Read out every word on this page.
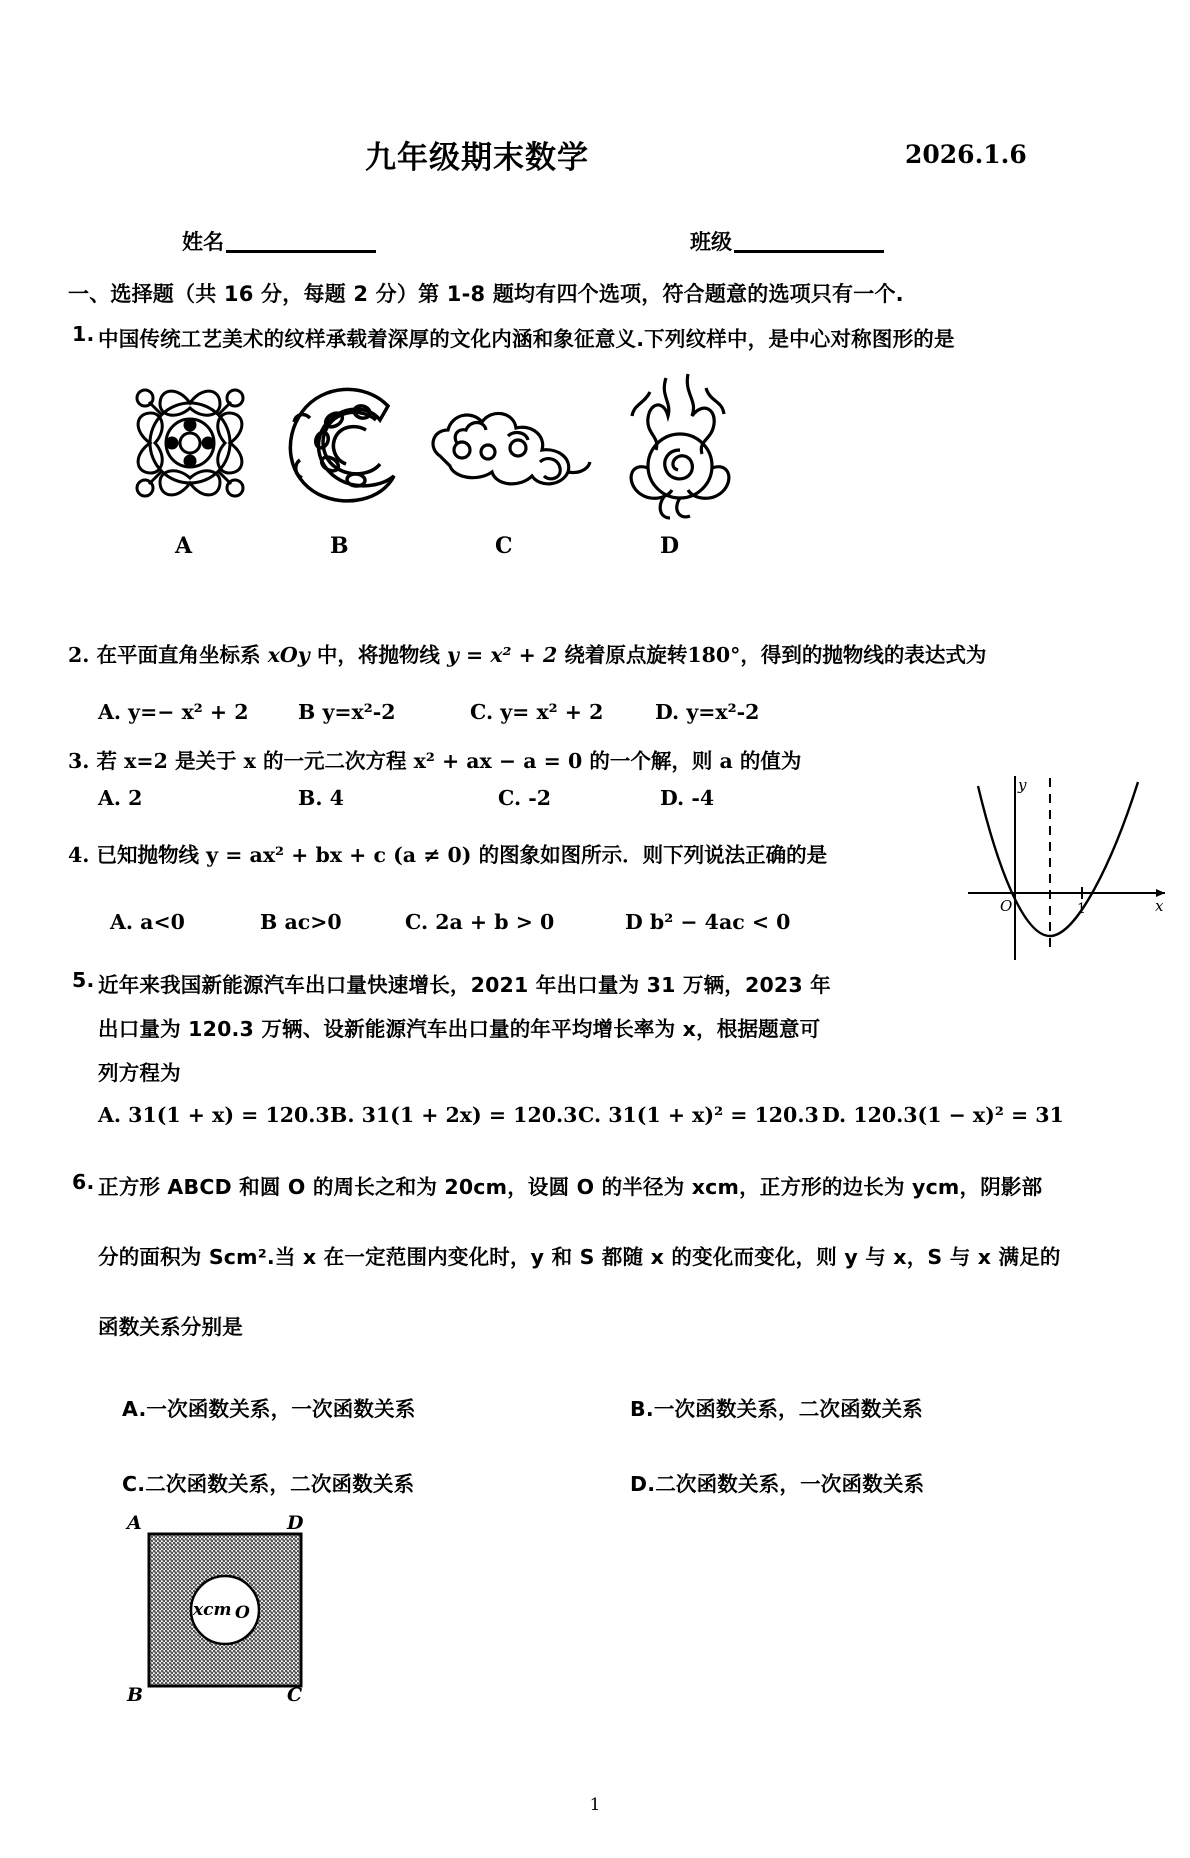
九年级期末数学	2026.1.6
姓名	班级
一、选择题（共 16 分，每题 2 分）第 1-8 题均有四个选项，符合题意的选项只有一个.
1. 中国传统工艺美术的纹样承载着深厚的文化内涵和象征意义.下列纹样中，是中心对称图形的是
A	B	C	D
2. 在平面直角坐标系 xOy 中，将抛物线 y = x² + 2 绕着原点旋转180°，得到的抛物线的表达式为
A. y=− x² + 2 B y=x²-2	C. y= x² + 2	D. y=x²-2
3. 若 x=2 是关于 x 的一元二次方程 x² + ax − a = 0 的一个解，则 a 的值为
A. 2	B. 4	C. -2	D. -4
4. 已知抛物线 y = ax² + bx + c (a ≠ 0) 的图象如图所示．则下列说法正确的是
A. a<0	B ac>0	C. 2a + b > 0	D b² − 4ac < 0
y
x
O	1
5. 近年来我国新能源汽车出口量快速增长，2021 年出口量为 31 万辆，2023 年
出口量为 120.3 万辆、设新能源汽车出口量的年平均增长率为 x，根据题意可
列方程为
A. 31(1 + x) = 120.3 B. 31(1 + 2x) = 120.3 C. 31(1 + x)² = 120.3 D. 120.3(1 − x)² = 31
6. 正方形 ABCD 和圆 O 的周长之和为 20cm，设圆 O 的半径为 xcm，正方形的边长为 ycm，阴影部
分的面积为 Scm².当 x 在一定范围内变化时，y 和 S 都随 x 的变化而变化，则 y 与 x，S 与 x 满足的
函数关系分别是
A.一次函数关系，一次函数关系	B.一次函数关系，二次函数关系
C.二次函数关系，二次函数关系	D.二次函数关系，一次函数关系
xcm O
A	D
B	C
1
